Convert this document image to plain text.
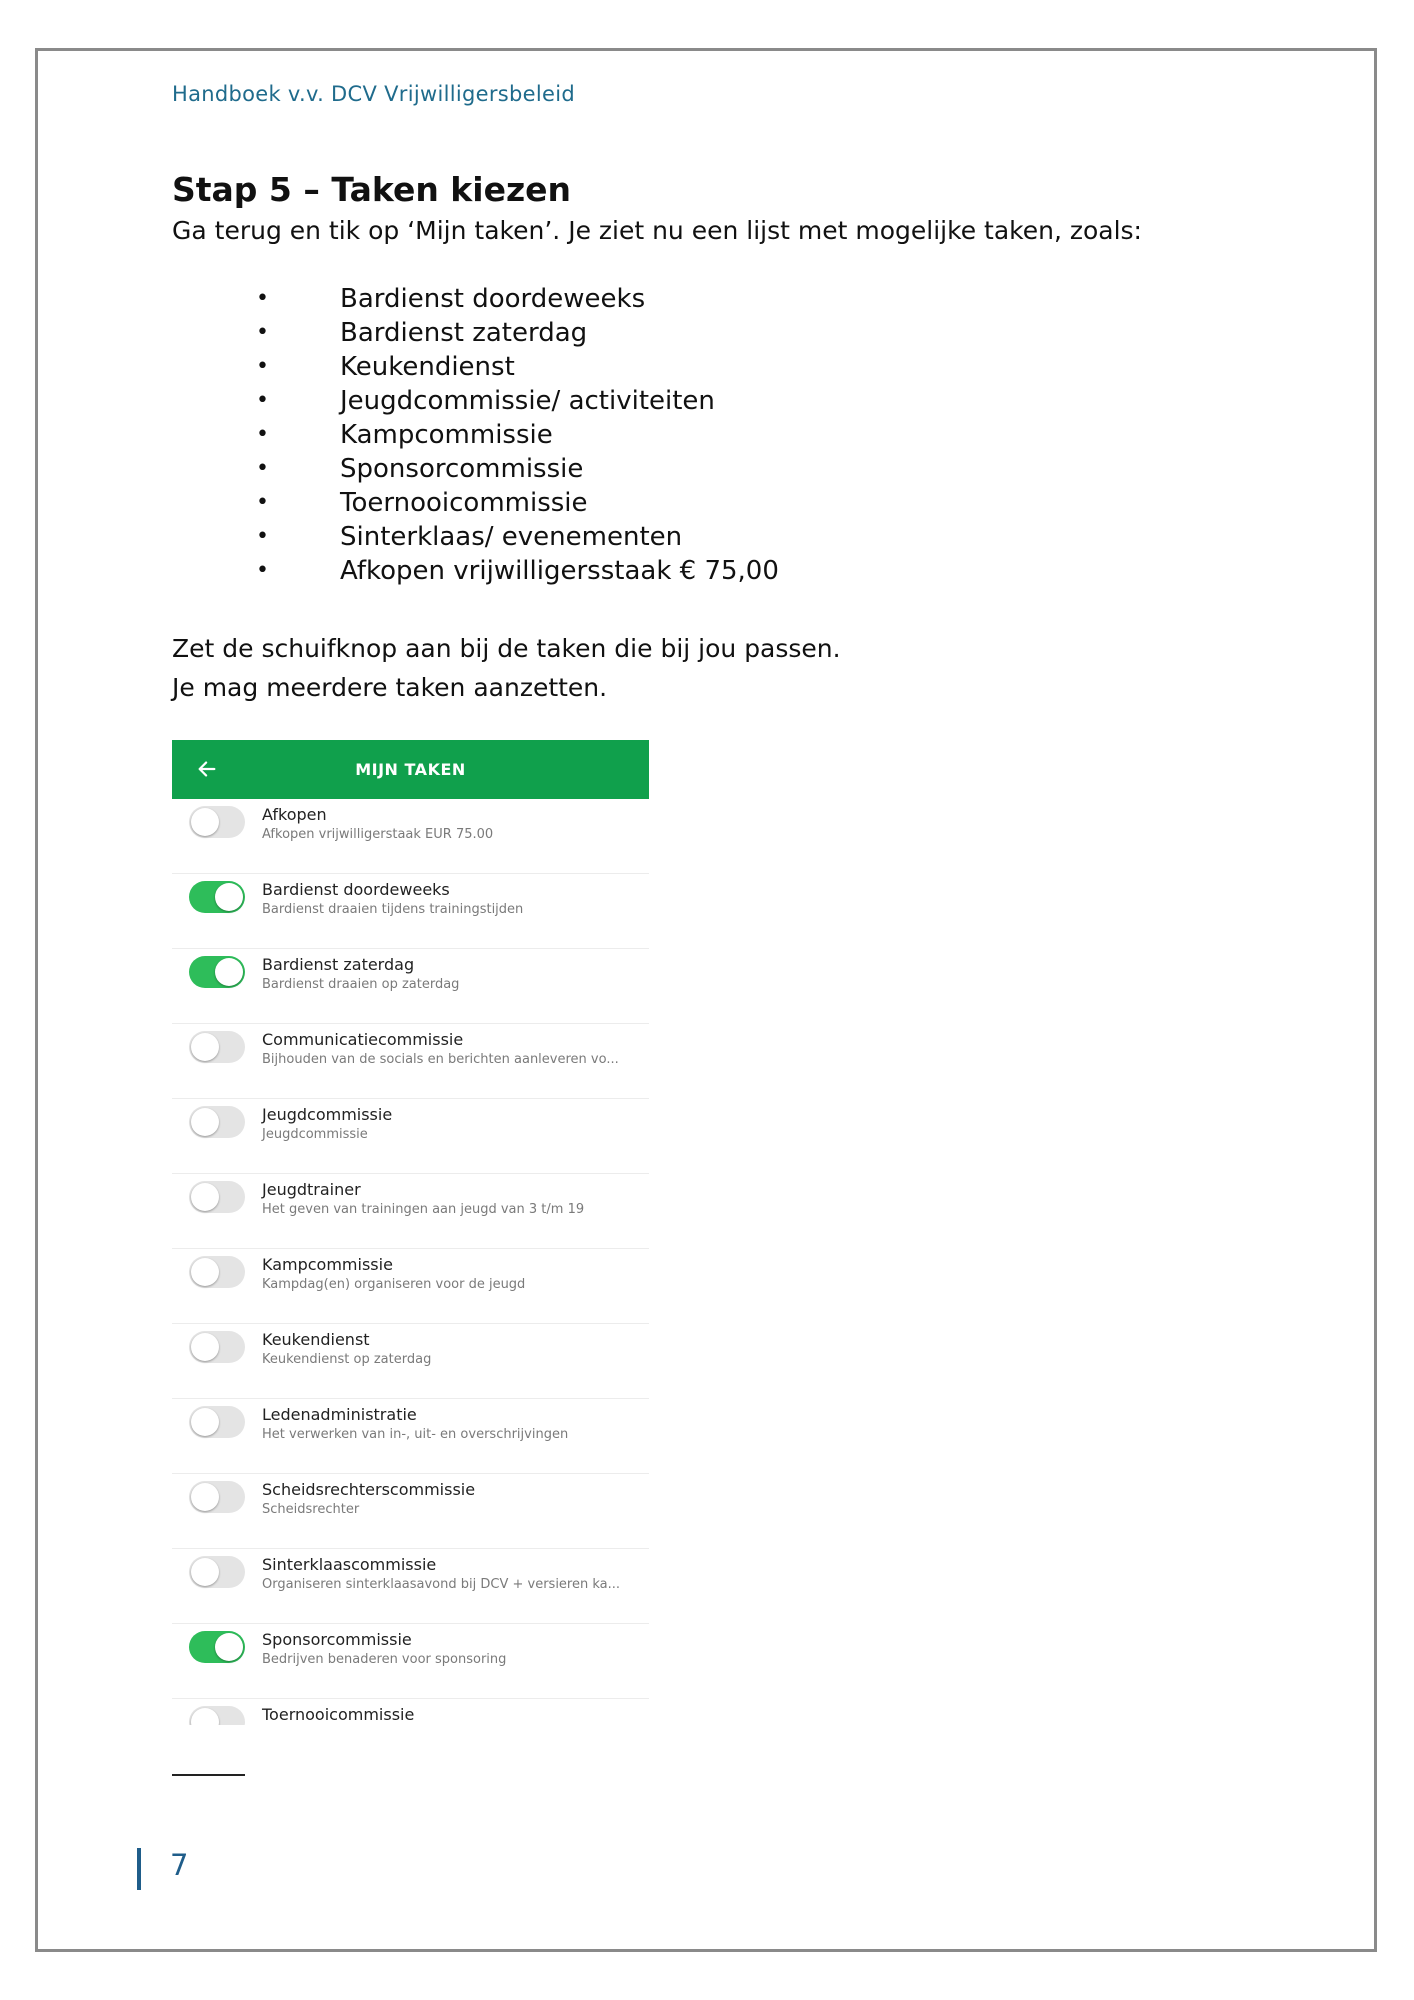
Handboek v.v. DCV Vrijwilligersbeleid
Stap 5 – Taken kiezen

Ga terug en tik op ‘Mijn taken’. Je ziet nu een lijst met mogelijke taken, zoals:

•	Bardienst doordeweeks
•	Bardienst zaterdag
•	Keukendienst
•	Jeugdcommissie/ activiteiten
•	Kampcommissie
•	Sponsorcommissie
•	Toernooicommissie
•	Sinterklaas/ evenementen
•	Afkopen vrijwilligersstaak € 75,00

Zet de schuifknop aan bij de taken die bij jou passen.

Je mag meerdere taken aanzetten.

MIJN TAKEN
Afkopen
Afkopen vrijwilligerstaak EUR 75.00
Bardienst doordeweeks
Bardienst draaien tijdens trainingstijden
Bardienst zaterdag
Bardienst draaien op zaterdag
Communicatiecommissie
Bijhouden van de socials en berichten aanleveren vo...
Jeugdcommissie
Jeugdcommissie
Jeugdtrainer
Het geven van trainingen aan jeugd van 3 t/m 19
Kampcommissie
Kampdag(en) organiseren voor de jeugd
Keukendienst
Keukendienst op zaterdag
Ledenadministratie
Het verwerken van in-, uit- en overschrijvingen
Scheidsrechterscommissie
Scheidsrechter
Sinterklaascommissie
Organiseren sinterklaasavond bij DCV + versieren ka...
Sponsorcommissie
Bedrijven benaderen voor sponsoring
Toernooicommissie
7
